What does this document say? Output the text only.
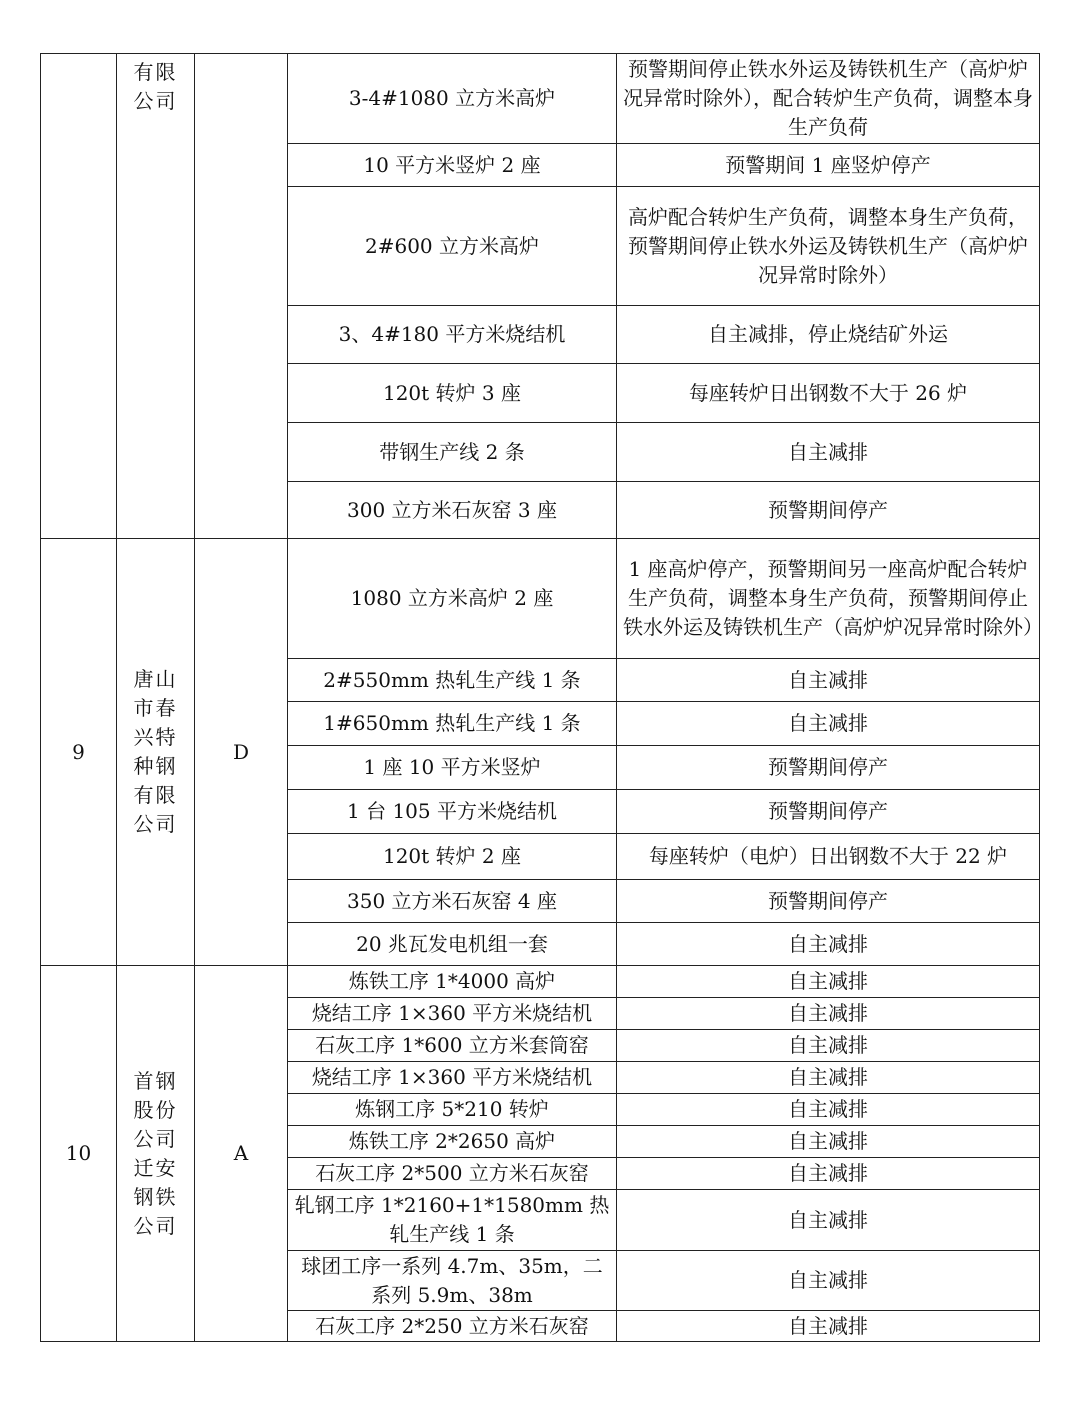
	有限公司		3-4#1080 立方米高炉	预警期间停止铁水外运及铸铁机生产（高炉炉况异常时除外），配合转炉生产负荷，调整本身生产负荷
			10 平方米竖炉 2 座	预警期间 1 座竖炉停产
			2#600 立方米高炉	高炉配合转炉生产负荷，调整本身生产负荷，预警期间停止铁水外运及铸铁机生产（高炉炉况异常时除外）
			3、4#180 平方米烧结机	自主减排，停止烧结矿外运
			120t 转炉 3 座	每座转炉日出钢数不大于 26 炉
			带钢生产线 2 条	自主减排
			300 立方米石灰窑 3 座	预警期间停产
9	唐山市春兴特种钢有限公司	D	1080 立方米高炉 2 座	1 座高炉停产，预警期间另一座高炉配合转炉生产负荷，调整本身生产负荷，预警期间停止铁水外运及铸铁机生产（高炉炉况异常时除外）
			2#550mm 热轧生产线 1 条	自主减排
			1#650mm 热轧生产线 1 条	自主减排
			1 座 10 平方米竖炉	预警期间停产
			1 台 105 平方米烧结机	预警期间停产
			120t 转炉 2 座	每座转炉（电炉）日出钢数不大于 22 炉
			350 立方米石灰窑 4 座	预警期间停产
			20 兆瓦发电机组一套	自主减排
10	首钢股份公司迁安钢铁公司	A	炼铁工序 1*4000 高炉	自主减排
			烧结工序 1×360 平方米烧结机	自主减排
			石灰工序 1*600 立方米套筒窑	自主减排
			烧结工序 1×360 平方米烧结机	自主减排
			炼钢工序 5*210 转炉	自主减排
			炼铁工序 2*2650 高炉	自主减排
			石灰工序 2*500 立方米石灰窑	自主减排
			轧钢工序 1*2160+1*1580mm 热轧生产线 1 条	自主减排
			球团工序一系列 4.7m、35m，二系列 5.9m、38m	自主减排
			石灰工序 2*250 立方米石灰窑	自主减排
